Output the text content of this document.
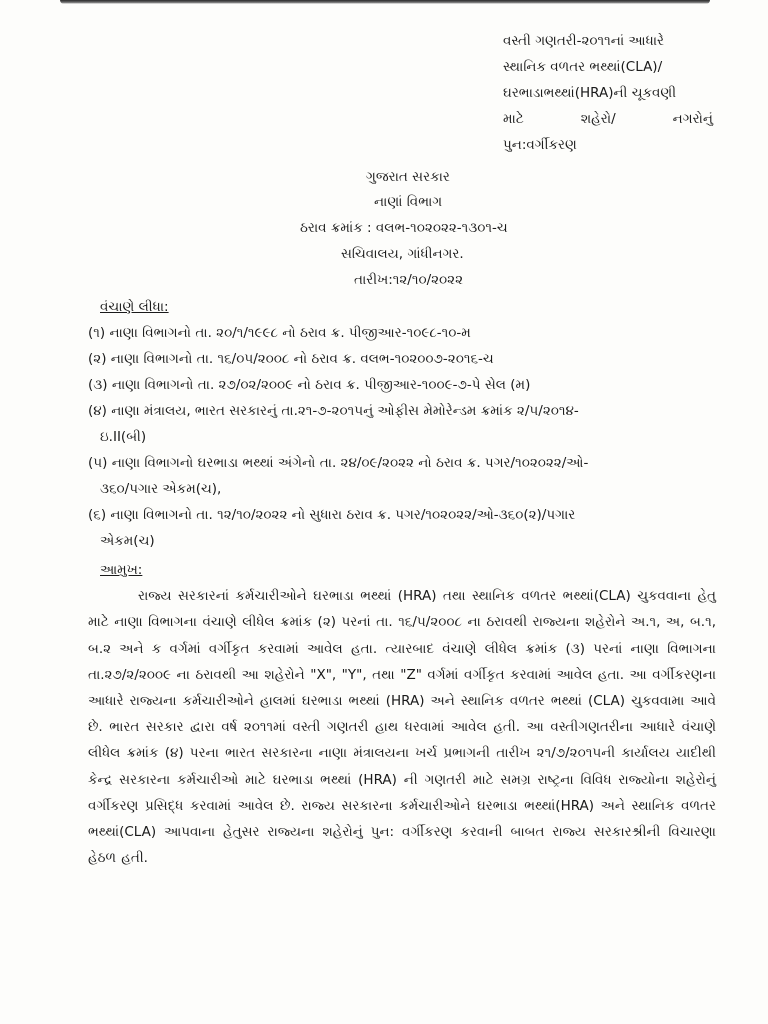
વસ્તી ગણતરી-૨૦૧૧નાં આધારે
સ્થાનિક વળતર ભથ્થાં(CLA)/
ઘરભાડાભથ્થાં(HRA)ની ચૂકવણી
માટે	શહેરો/	નગરોનું
પુન:વર્ગીકરણ
ગુજરાત સરકાર
નાણાં વિભાગ
ઠરાવ ક્રમાંક : વલભ-૧૦૨૦૨૨-૧૩૦૧-ચ
સચિવાલય, ગાંધીનગર.
તારીખ:૧૨/૧૦/૨૦૨૨
વંચાણે લીધા:
(૧) નાણા વિભાગનો તા. ૨૦/૧/૧૯૯૮ નો ઠરાવ ક્ર. પીજીઆર-૧૦૯૮-૧૦-મ
(૨) નાણા વિભાગનો તા. ૧૬/૦૫/૨૦૦૮ નો ઠરાવ ક્ર. વલભ-૧૦૨૦૦૭-૨૦૧૬-ચ
(૩) નાણા વિભાગનો તા. ૨૭/૦૨/૨૦૦૯ નો ઠરાવ ક્ર. પીજીઆર-૧૦૦૯-૭-પે સેલ (મ)
(૪) નાણા મંત્રાલય, ભારત સરકારનું તા.૨૧-૭-૨૦૧૫નું ઓફીસ મેમોરેન્ડમ ક્રમાંક ૨/૫/૨૦૧૪-
ઇ.II(બી)
(૫) નાણા વિભાગનો ઘરભાડા ભથ્થાં અંગેનો તા. ૨૪/૦૯/૨૦૨૨ નો ઠરાવ ક્ર. પગર/૧૦૨૦૨૨/ઓ-
૩૬૦/પગાર એકમ(ચ),
(૬) નાણા વિભાગનો તા. ૧૨/૧૦/૨૦૨૨ નો સુધારા ઠરાવ ક્ર. પગર/૧૦૨૦૨૨/ઓ-૩૬૦(૨)/પગાર
એકમ(ચ)
આમુખ:
રાજ્ય સરકારનાં કર્મચારીઓને ઘરભાડા ભથ્થાં (HRA) તથા સ્થાનિક વળતર ભથ્થાં(CLA) ચુકવવાના હેતુ માટે નાણા વિભાગના વંચાણે લીધેલ ક્રમાંક (૨) પરનાં તા. ૧૬/૫/૨૦૦૮ ના ઠરાવથી રાજ્યના શહેરોને અ.૧, અ, બ.૧, બ.૨ અને ક વર્ગમાં વર્ગીકૃત કરવામાં આવેલ હતા. ત્યારબાદ વંચાણે લીધેલ ક્રમાંક (૩) પરનાં નાણા વિભાગના તા.૨૭/૨/૨૦૦૯ ના ઠરાવથી આ શહેરોને "X", "Y", તથા "Z" વર્ગમાં વર્ગીકૃત કરવામાં આવેલ હતા. આ વર્ગીકરણના આધારે રાજ્યના કર્મચારીઓને હાલમાં ઘરભાડા ભથ્થાં (HRA) અને સ્થાનિક વળતર ભથ્થાં (CLA) ચુકવવામા આવે છે. ભારત સરકાર દ્વારા વર્ષ ૨૦૧૧માં વસ્તી ગણતરી હાથ ધરવામાં આવેલ હતી. આ વસ્તીગણતરીના આધારે વંચાણે લીધેલ ક્રમાંક (૪) પરના ભારત સરકારના નાણા મંત્રાલયના ખર્ચ પ્રભાગની તારીખ ૨૧/૭/૨૦૧૫ની કાર્યાલય યાદીથી કેન્દ્ર સરકારના કર્મચારીઓ માટે ઘરભાડા ભથ્થાં (HRA) ની ગણતરી માટે સમગ્ર રાષ્ટ્રના વિવિધ રાજ્યોના શહેરોનું વર્ગીકરણ પ્રસિદ્ધ કરવામાં આવેલ છે. રાજ્ય સરકારના કર્મચારીઓને ઘરભાડા ભથ્થાં(HRA) અને સ્થાનિક વળતર ભથ્થાં(CLA) આપવાના હેતુસર રાજ્યના શહેરોનું પુન: વર્ગીકરણ કરવાની બાબત રાજ્ય સરકારશ્રીની વિચારણા હેઠળ હતી.
